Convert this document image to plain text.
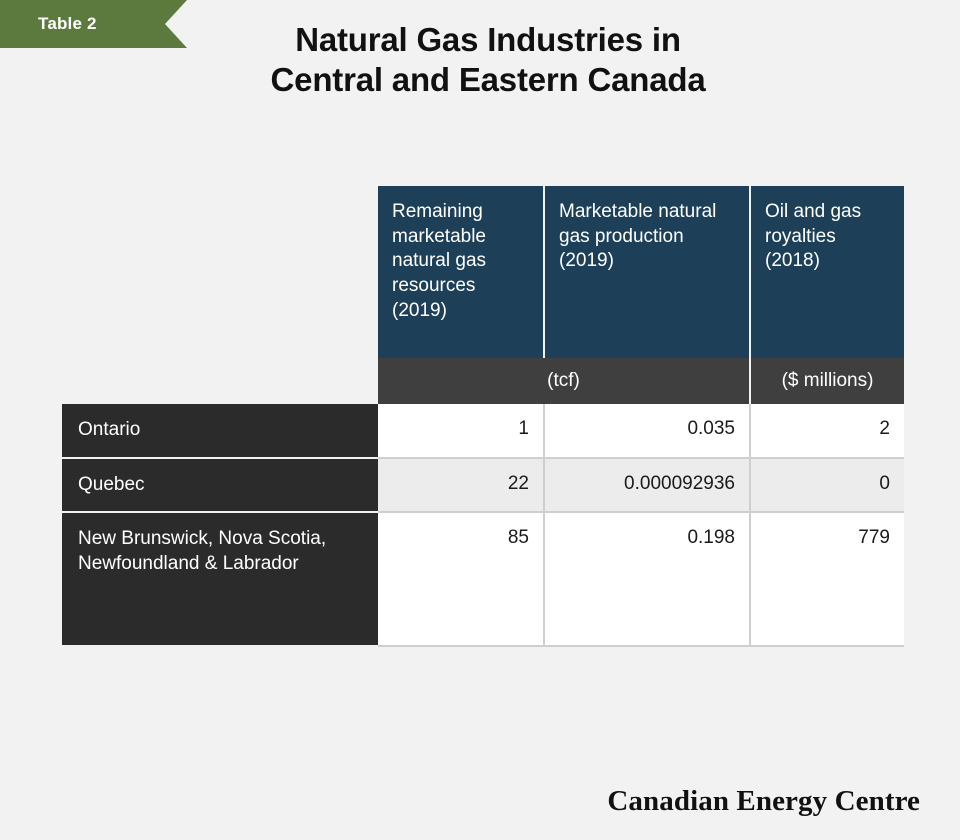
Table 2	Natural Gas Industries in
Central and Eastern Canada
	Remaining marketable natural gas resources (2019)	Marketable natural gas production (2019)	Oil and gas royalties (2018)
	(tcf)		($ millions)
Ontario	1	0.035	2
Quebec	22	0.000092936	0
New Brunswick, Nova Scotia, Newfoundland & Labrador	85	0.198	779
Canadian Energy Centre
